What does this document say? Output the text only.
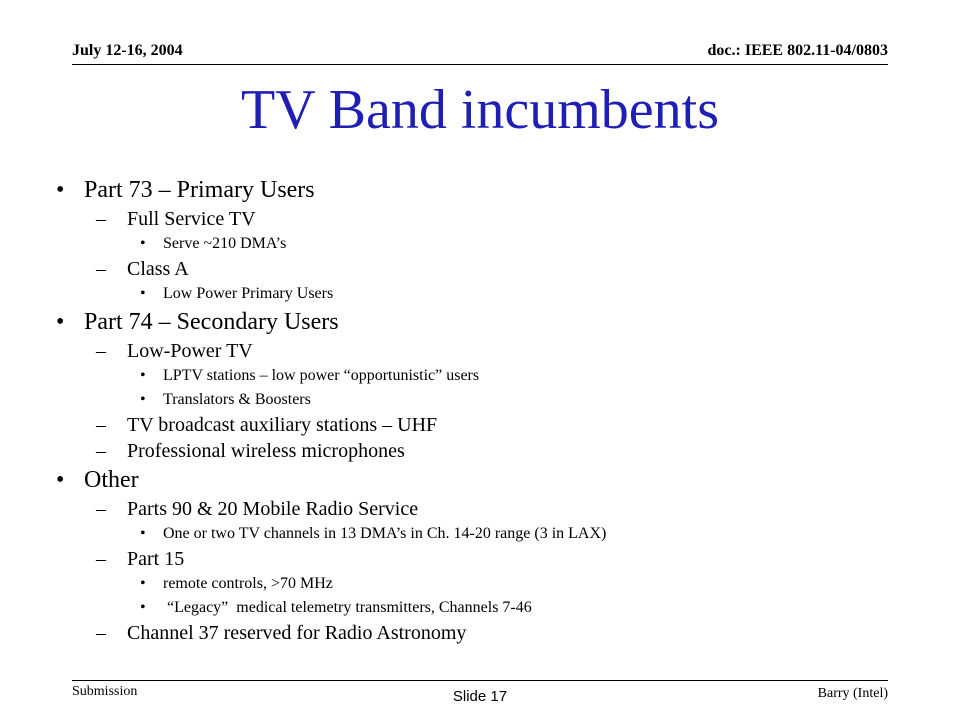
July 12-16, 2004	doc.: IEEE 802.11-04/0803
TV Band incumbents
• Part 73 – Primary Users
– Full Service TV
• Serve ~210 DMA’s
– Class A
• Low Power Primary Users
• Part 74 – Secondary Users
– Low-Power TV
• LPTV stations – low power “opportunistic” users
• Translators & Boosters
– TV broadcast auxiliary stations – UHF
– Professional wireless microphones
• Other
– Parts 90 & 20 Mobile Radio Service
• One or two TV channels in 13 DMA’s in Ch. 14-20 range (3 in LAX)
– Part 15
• remote controls, >70 MHz
• “Legacy”  medical telemetry transmitters, Channels 7-46
– Channel 37 reserved for Radio Astronomy
Submission	Slide 17	Barry (Intel)
